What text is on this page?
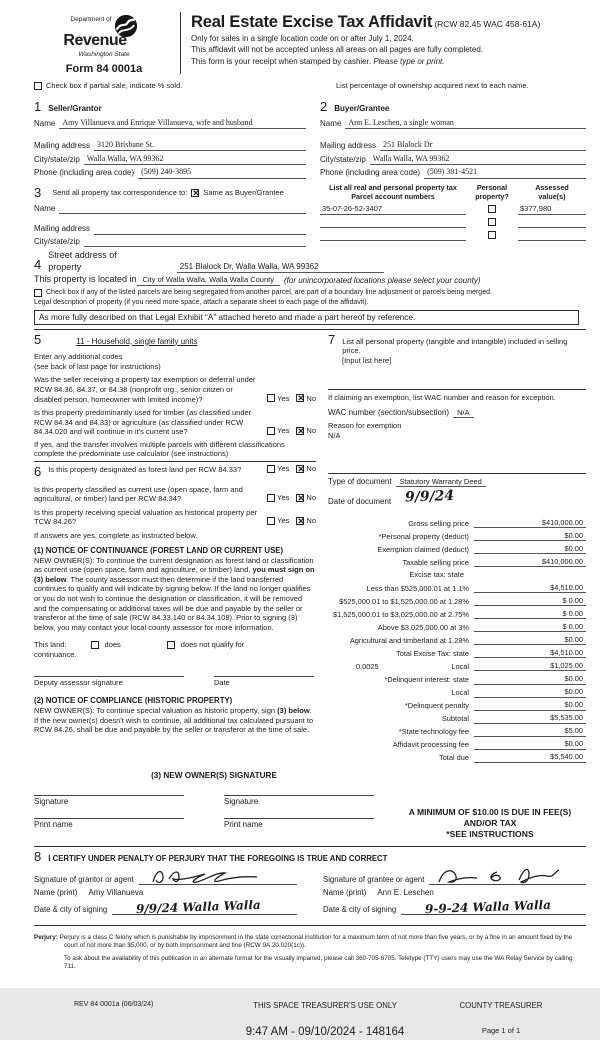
Department of
Revenue
Washington State
Form 84 0001a
Real Estate Excise Tax Affidavit (RCW 82.45 WAC 458-61A)
Only for sales in a single location code on or after July 1, 2024.
This affidavit will not be accepted unless all areas on all pages are fully completed.
This form is your receipt when stamped by cashier. Please type or print.
Check box if partial sale, indicate % sold.	List percentage of ownership acquired next to each name.
1 Seller/Grantor
Name Amy Villanueva and Enrique Villanueva, wife and husband
Mailing address 3120 Brisbane St.
City/state/zip Walla Walla, WA 99362
Phone (including area code) (509) 240-3895
3 Send all property tax correspondence to: ✕ Same as Buyer/Grantee
Name
Mailing address
City/state/zip
2 Buyer/Grantee
Name Ann E. Leschen, a single woman
Mailing address 251 Blalock Dr
City/state/zip Walla Walla, WA 99362
Phone (including area code) (509) 301-4521
List all real and personal property tax
Parcel account numbers
Personal
property?
Assessed
value(s)
35-07-26-52-3407	$377,980
4
Street address of
property	251 Blalock Dr, Walla Walla, WA 99362
This property is located in City of Walla Walla, Walla Walla County	(for unincorporated locations please select your county)
Check box if any of the listed parcels are being segregated from another parcel, are part of a boundary line adjustment or parcels being merged.
Legal description of property (if you need more space, attach a separate sheet to each page of the affidavit).
As more fully described on that Legal Exhibit “A” attached hereto and made a part hereof by reference.
5	11 - Household, single family units
Enter any additional codes
(see back of last page for instructions)
Was the seller receiving a property tax exemption or deferral under RCW 84.36, 84.37, or 84.38 (nonprofit org., senior citizen or disabled person, homeowner with limited income)?	Yes ✕ No
Is this property predominantly used for timber (as classified under RCW 84.34 and 84.33) or agriculture (as classified under RCW 84.34.020 and will continue in it's current use?	Yes ✕ No
If yes, and the transfer involves multiple parcels with different classifications complete the predominate use calculator (see instructions)
6 Is this property designated as forest land per RCW 84.33?	Yes ✕ No
Is this property classified as current use (open space, farm and agricultural, or timber) land per RCW 84.34?	Yes ✕ No
Is this property receiving special valuation as historical property per TCW 84.26?	Yes ✕ No
If answers are yes, complete as instructed below.
(1) NOTICE OF CONTINUANCE (FOREST LAND OR CURRENT USE)
NEW OWNER(S): To continue the current designation as forest land or classification as current use (open space, farm and agriculture, or timber) land, you must sign on (3) below. The county assessor must then determine if the land transferred continues to qualify and will indicate by signing below. If the land no longer qualifies or you do not wish to continue the designation or classification, it will be removed and the compensating or additional taxes will be due and payable by the seller or transferor at the time of sale (RCW 84.33.140 or 84.34.108). Prior to signing (3) below, you may contact your local county assessor for more information.
This land:	does	does not qualify for
continuance.
Deputy assessor signature	Date
(2) NOTICE OF COMPLIANCE (HISTORIC PROPERTY)
NEW OWNER(S): To continue special valuation as historic property, sign (3) below. If the new owner(s) doesn't wish to continue, all additional tax calculated pursuant to RCW 84.26, shall be due and payable by the seller or transferor at the time of sale.
7 List all personal property (tangible and intangible) included in selling price.
[Input list here]
If claiming an exemption, list WAC number and reason for exception.
WAC number (section/subsection)	N/A
Reason for exemption
N/A
Type of document	Statutory Warranty Deed
Date of document 9/9/24
Gross selling price	$410,000.00
*Personal property (deduct)	$0.00
Exemption claimed (deduct)	$0.00
Taxable selling price	$410,000.00
Excise tax: state
Less than $525,000.01 at 1.1%	$4,510.00
$525,000.01 to $1,525,000.00 at 1.28%	$ 0.00
$1,525,000.01 to $3,025,000.00 at 2.75%	$ 0.00
Above $3,025,000.00 at 3%	$ 0.00
Agricultural and timberland at 1.28%	$0.00
Total Excise Tax: state	$4,510.00
0.0025	Local	$1,025.00
*Delinquent interest: state	$0.00
Local	$0.00
*Delinquent penalty	$0.00
Subtotal	$5,535.00
*State technology fee	$5.00
Affidavit processing fee	$0.00
Total due	$5,540.00
(3) NEW OWNER(S) SIGNATURE
Signature	Signature
Print name	Print name
A MINIMUM OF $10.00 IS DUE IN FEE(S) AND/OR TAX
*SEE INSTRUCTIONS
8 I CERTIFY UNDER PENALTY OF PERJURY THAT THE FOREGOING IS TRUE AND CORRECT
Signature of grantor or agent
Name (print)	Amy Villanueva
Date & city of signing	9/9/24 Walla Walla
Signature of grantee or agent
Name (print)	Ann E. Leschen
Date & city of signing	9-9-24 Walla Walla
Perjury: Perjury is a class C felony which is punishable by imprisonment in the state correctional institution for a maximum term of not more than five years, or by a fine in an amount fixed by the court of not more than $5,000, or by both imprisonment and fine (RCW 9A.20.020(1c)).
To ask about the availability of this publication in an alternate format for the visually impaired, please call 360-705-6705. Teletype (TTY) users may use the WA Relay Service by calling 711.
REV 84 0001a (06/03/24)	THIS SPACE TREASURER'S USE ONLY
9:47 AM - 09/10/2024 - 148164
COUNTY TREASURER
Page 1 of 1
